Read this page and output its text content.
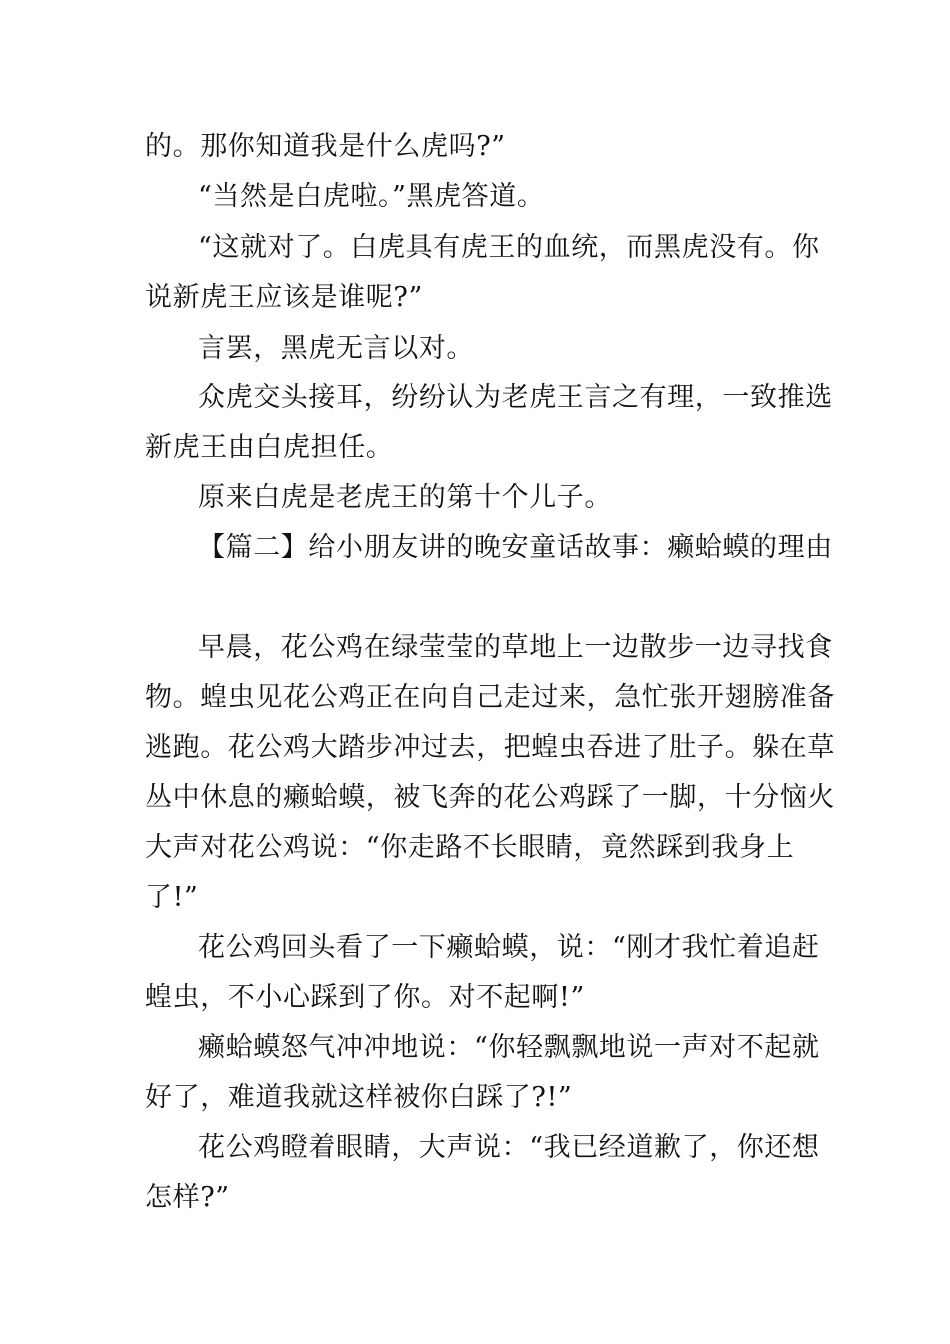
的。那你知道我是什么虎吗?”

“当然是白虎啦。”黑虎答道。

“这就对了。白虎具有虎王的血统，而黑虎没有。你

说新虎王应该是谁呢?”

言罢，黑虎无言以对。

众虎交头接耳，纷纷认为老虎王言之有理，一致推选

新虎王由白虎担任。

原来白虎是老虎王的第十个儿子。

【篇二】给小朋友讲的晚安童话故事：癞蛤蟆的理由

早晨，花公鸡在绿莹莹的草地上一边散步一边寻找食

物。蝗虫见花公鸡正在向自己走过来，急忙张开翅膀准备

逃跑。花公鸡大踏步冲过去，把蝗虫吞进了肚子。躲在草

丛中休息的癞蛤蟆，被飞奔的花公鸡踩了一脚，十分恼火

大声对花公鸡说：“你走路不长眼睛，竟然踩到我身上

了!”

花公鸡回头看了一下癞蛤蟆，说：“刚才我忙着追赶

蝗虫，不小心踩到了你。对不起啊!”

癞蛤蟆怒气冲冲地说：“你轻飘飘地说一声对不起就

好了，难道我就这样被你白踩了?!”

花公鸡瞪着眼睛，大声说：“我已经道歉了，你还想

怎样?”
